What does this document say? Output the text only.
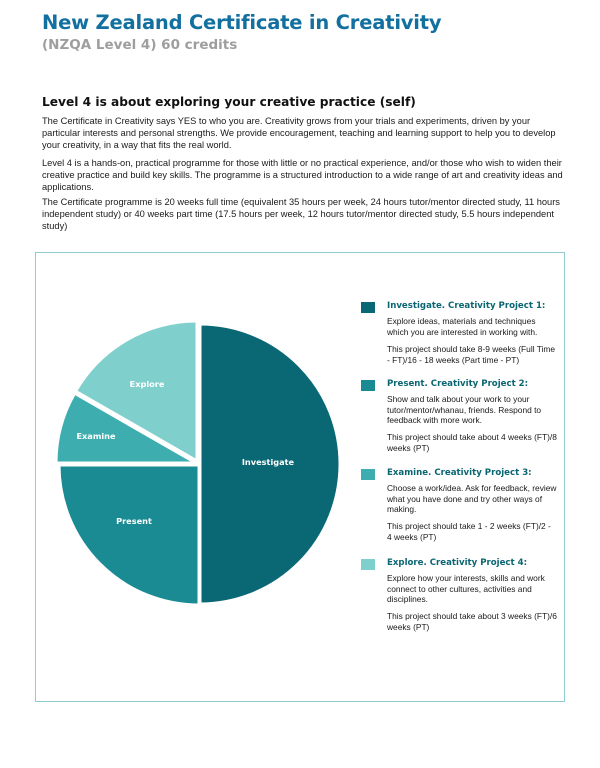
New Zealand Certificate in Creativity
(NZQA Level 4) 60 credits
Level 4 is about exploring your creative practice (self)

The Certificate in Creativity says YES to who you are. Creativity grows from your trials and experiments, driven by your particular interests and personal strengths. We provide encouragement, teaching and learning support to help you to develop your creativity, in a way that fits the real world.

Level 4 is a hands-on, practical programme for those with little or no practical experience, and/or those who wish to widen their creative practice and build key skills. The programme is a structured introduction to a wide range of art and creativity ideas and applications.

The Certificate programme is 20 weeks full time (equivalent 35 hours per week, 24 hours tutor/mentor directed study, 11 hours independent study) or 40 weeks part time (17.5 hours per week, 12 hours tutor/mentor directed study, 5.5 hours independent study)

Investigate
Present
Examine
Explore
Investigate. Creativity Project 1:
Explore ideas, materials and techniques which you are interested in working with.
This project should take 8-9 weeks (Full Time - FT)/16 - 18 weeks (Part time - PT)
Present. Creativity Project 2:
Show and talk about your work to your tutor/mentor/whanau, friends. Respond to feedback with more work.
This project should take about 4 weeks (FT)/8 weeks (PT)
Examine. Creativity Project 3:
Choose a work/idea. Ask for feedback, review what you have done and try other ways of making.
This project should take 1 - 2 weeks (FT)/2 - 4 weeks (PT)
Explore. Creativity Project 4:
Explore how your interests, skills and work connect to other cultures, activities and disciplines.
This project should take about 3 weeks (FT)/6 weeks (PT)
